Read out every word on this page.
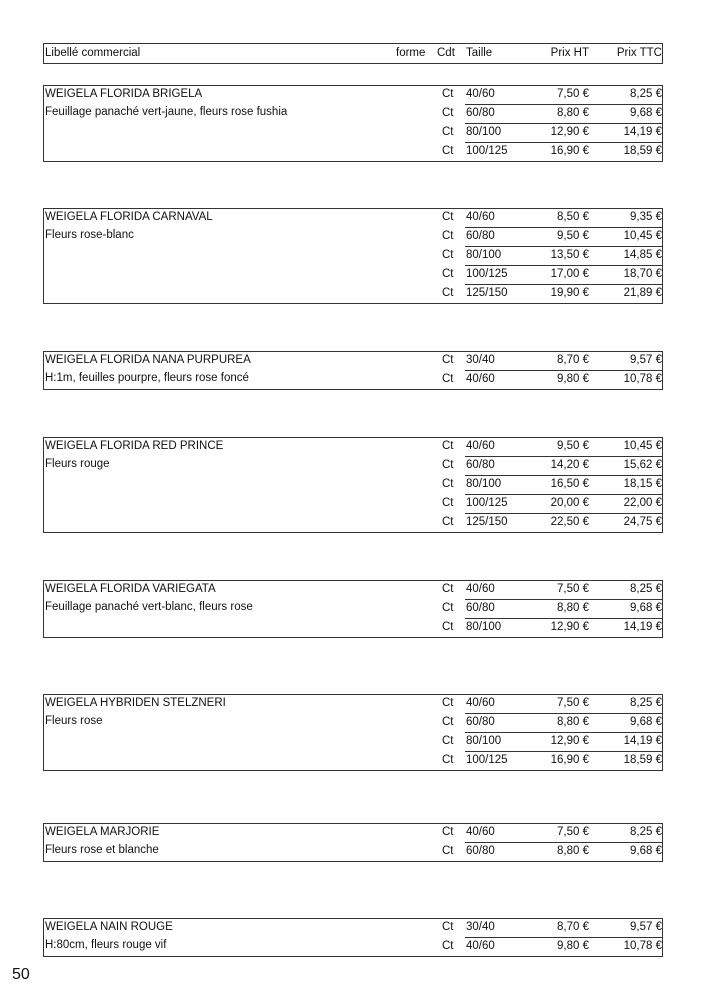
Libellé commercial	forme Cdt Taille	Prix HT Prix TTC
WEIGELA FLORIDA BRIGELA
Feuillage panaché vert-jaune, fleurs rose fushia
Ct 40/60	7,50 €	8,25 €
Ct 60/80	8,80 €	9,68 €
Ct 80/100	12,90 €	14,19 €
Ct 100/125	16,90 €	18,59 €
WEIGELA FLORIDA CARNAVAL
Fleurs rose-blanc
Ct 40/60	8,50 €	9,35 €
Ct 60/80	9,50 €	10,45 €
Ct 80/100	13,50 €	14,85 €
Ct 100/125	17,00 €	18,70 €
Ct 125/150	19,90 €	21,89 €
WEIGELA FLORIDA NANA PURPUREA
H:1m, feuilles pourpre, fleurs rose foncé
Ct 30/40	8,70 €	9,57 €
Ct 40/60	9,80 €	10,78 €
WEIGELA FLORIDA RED PRINCE
Fleurs rouge
Ct 40/60	9,50 €	10,45 €
Ct 60/80	14,20 €	15,62 €
Ct 80/100	16,50 €	18,15 €
Ct 100/125	20,00 €	22,00 €
Ct 125/150	22,50 €	24,75 €
WEIGELA FLORIDA VARIEGATA
Feuillage panaché vert-blanc, fleurs rose
Ct 40/60	7,50 €	8,25 €
Ct 60/80	8,80 €	9,68 €
Ct 80/100	12,90 €	14,19 €
WEIGELA HYBRIDEN STELZNERI
Fleurs rose
Ct 40/60	7,50 €	8,25 €
Ct 60/80	8,80 €	9,68 €
Ct 80/100	12,90 €	14,19 €
Ct 100/125	16,90 €	18,59 €
WEIGELA MARJORIE
Fleurs rose et blanche
Ct 40/60	7,50 €	8,25 €
Ct 60/80	8,80 €	9,68 €
WEIGELA NAIN ROUGE
H:80cm, fleurs rouge vif
Ct 30/40	8,70 €	9,57 €
Ct 40/60	9,80 €	10,78 €
50
